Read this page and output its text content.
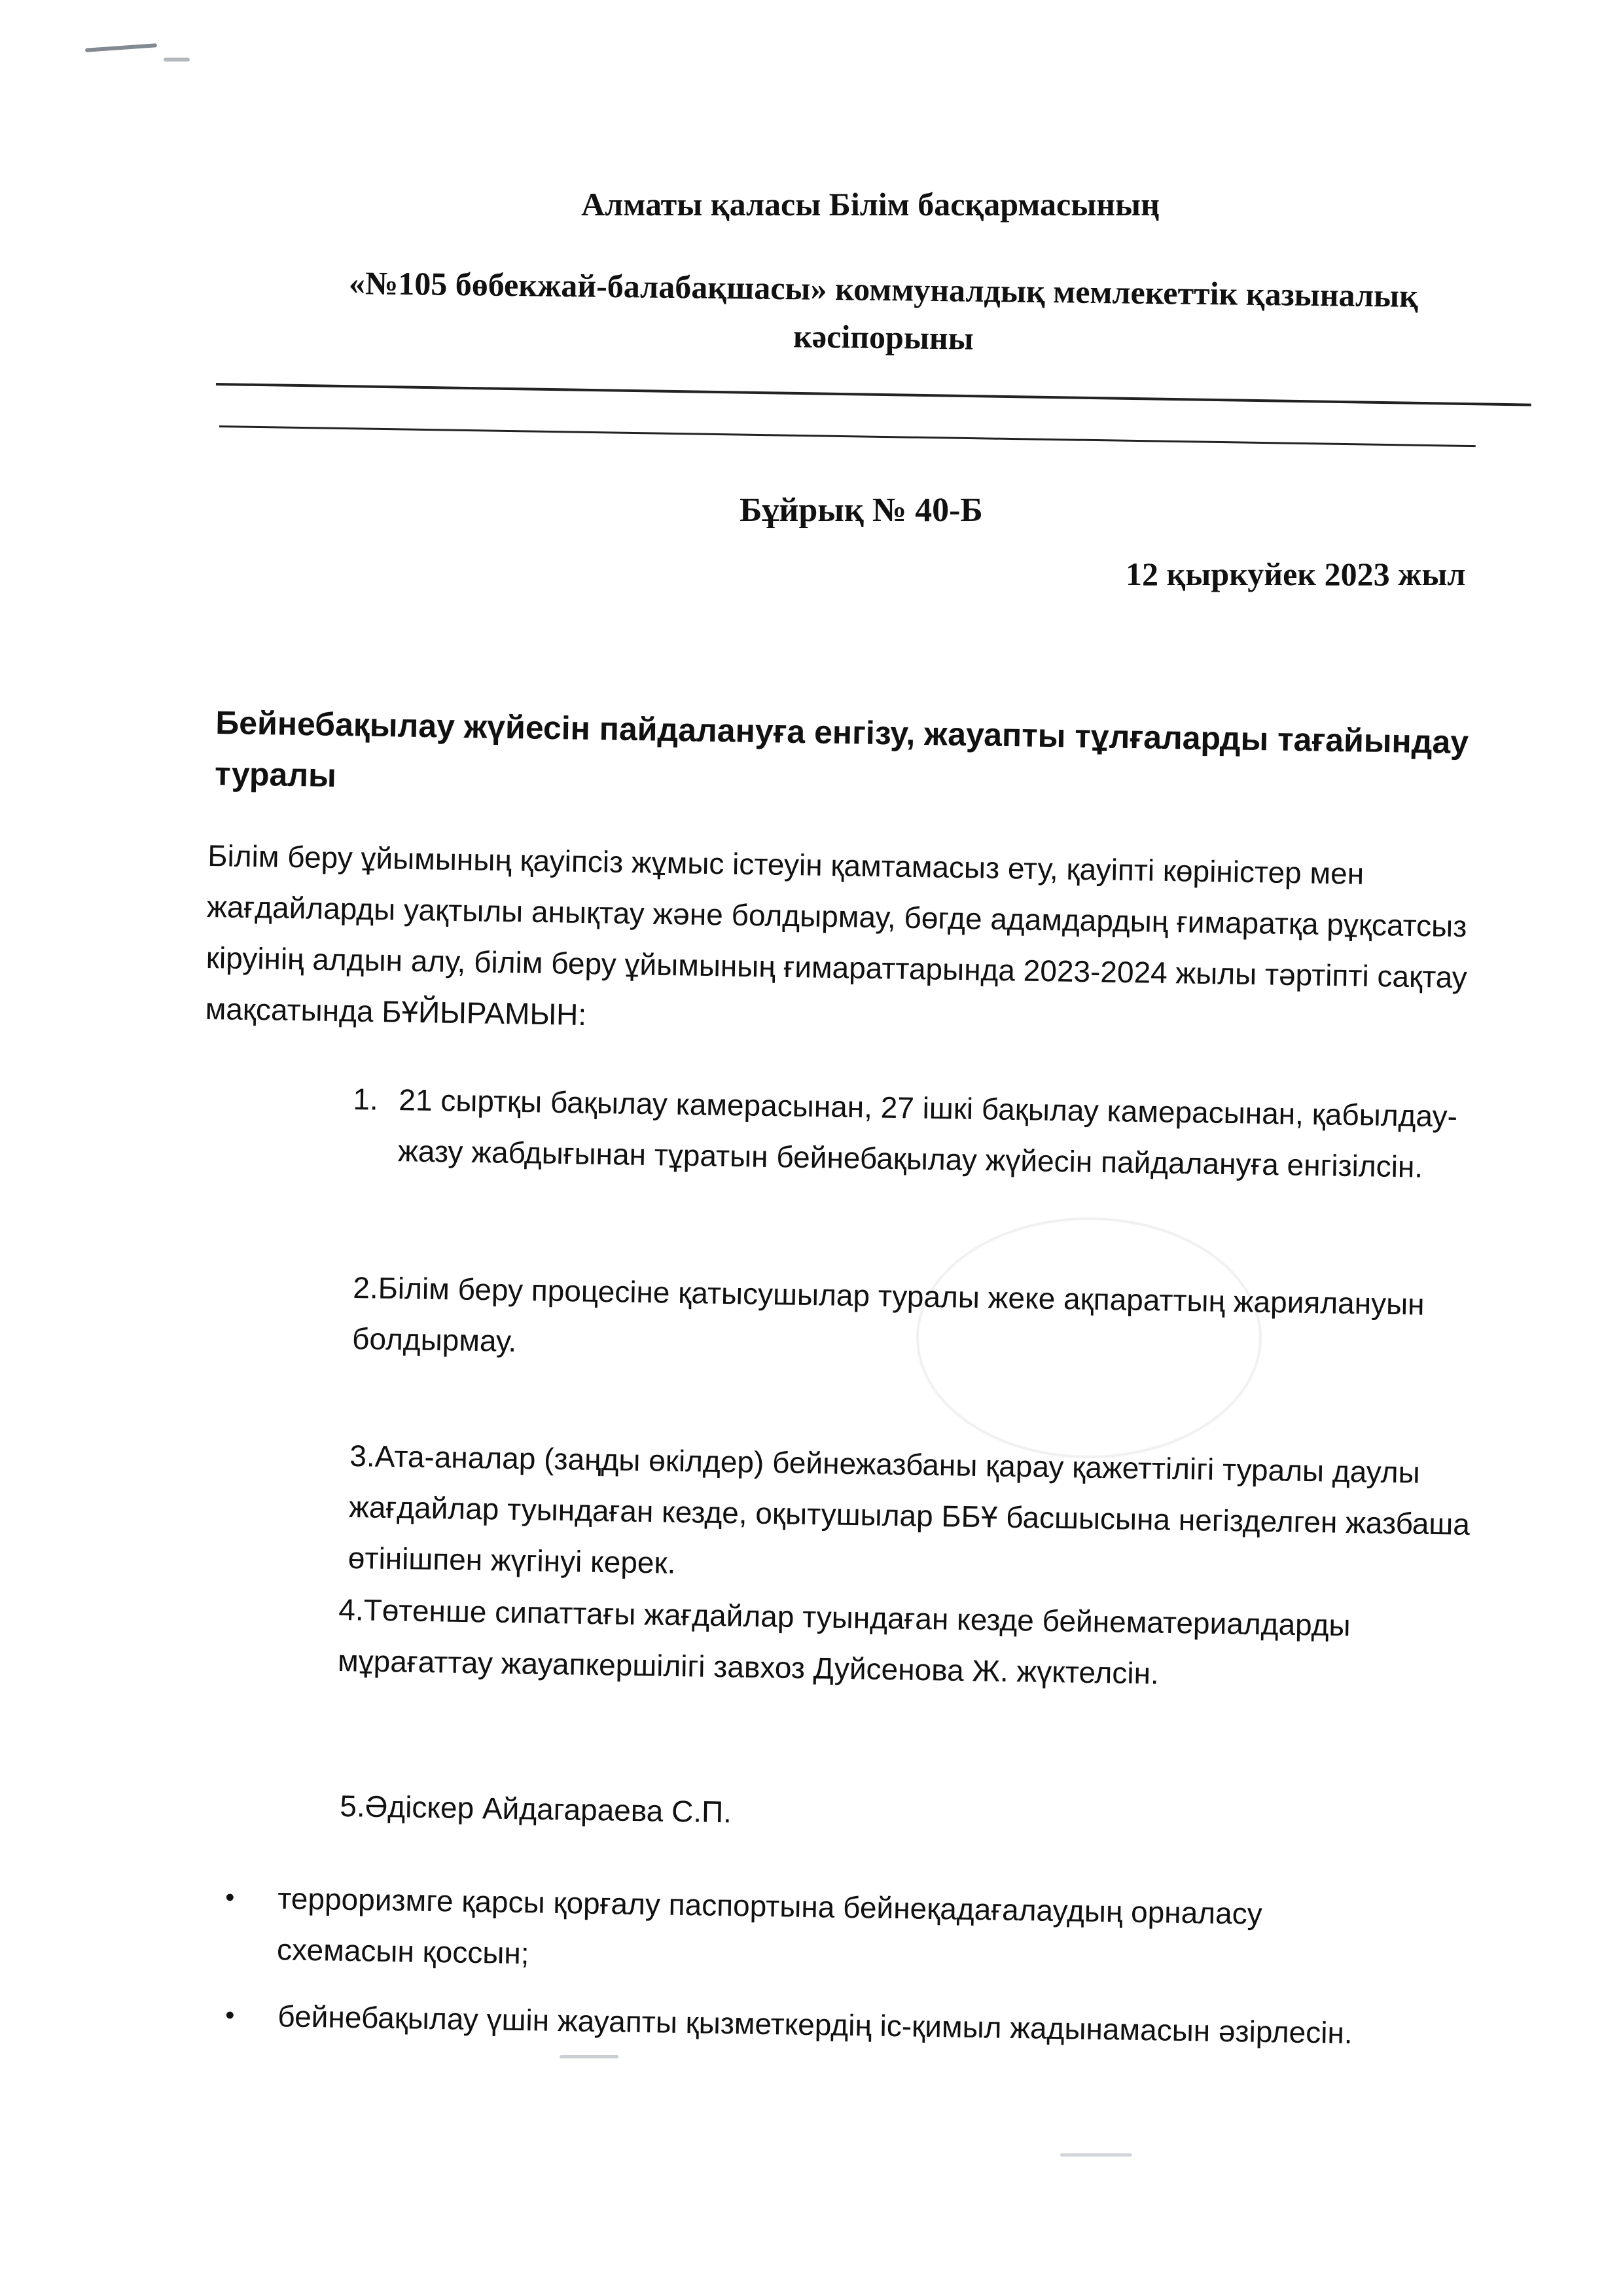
Алматы қаласы Білім басқармасының
«№105 бөбекжай-балабақшасы» коммуналдық мемлекеттік қазыналық
кәсіпорыны
Бұйрық № 40-Б
12 қыркуйек 2023 жыл
Бейнебақылау жүйесін пайдалануға енгізу, жауапты тұлғаларды тағайындау туралы
Білім беру ұйымының қауіпсіз жұмыс істеуін қамтамасыз ету, қауіпті көріністер мен жағдайларды уақтылы анықтау және болдырмау, бөгде адамдардың ғимаратқа рұқсатсыз кіруінің алдын алу, білім беру ұйымының ғимараттарында 2023-2024 жылы тәртіпті сақтау мақсатында БҰЙЫРАМЫН:
1. 21 сыртқы бақылау камерасынан, 27 ішкі бақылау камерасынан, қабылдау-жазу жабдығынан тұратын бейнебақылау жүйесін пайдалануға енгізілсін.
2.Білім беру процесіне қатысушылар туралы жеке ақпараттың жариялануын болдырмау.
3.Ата-аналар (заңды өкілдер) бейнежазбаны қарау қажеттілігі туралы даулы жағдайлар туындаған кезде, оқытушылар ББҰ басшысына негізделген жазбаша өтінішпен жүгінуі керек.
4.Төтенше сипаттағы жағдайлар туындаған кезде бейнематериалдарды мұрағаттау жауапкершілігі завхоз Дуйсенова Ж. жүктелсін.
5.Әдіскер Айдагараева С.П.
• терроризмге қарсы қорғалу паспортына бейнеқадағалаудың орналасу схемасын қоссын;
• бейнебақылау үшін жауапты қызметкердің іс-қимыл жадынамасын әзірлесін.
